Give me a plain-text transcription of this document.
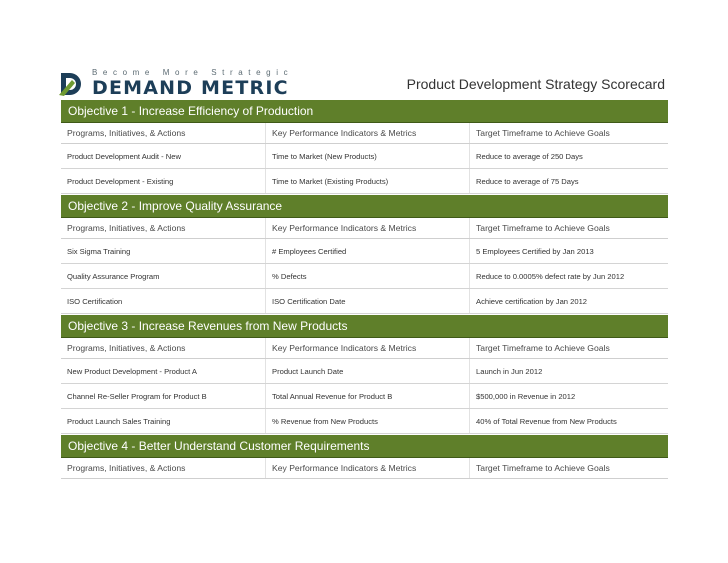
Become More Strategic
DEMAND METRIC	Product Development Strategy Scorecard
Objective 1 - Increase Efficiency of Production
Programs, Initiatives, & Actions	Key Performance Indicators & Metrics	Target Timeframe to Achieve Goals
Product Development Audit - New	Time to Market (New Products)	Reduce to average of 250 Days
Product Development - Existing	Time to Market (Existing Products)	Reduce to average of 75 Days
Objective 2 - Improve Quality Assurance
Programs, Initiatives, & Actions	Key Performance Indicators & Metrics	Target Timeframe to Achieve Goals
Six Sigma Training	# Employees Certified	5 Employees Certified by Jan 2013
Quality Assurance Program	% Defects	Reduce to 0.0005% defect rate by Jun 2012
ISO Certification	ISO Certification Date	Achieve certification by Jan 2012
Objective 3 - Increase Revenues from New Products
Programs, Initiatives, & Actions	Key Performance Indicators & Metrics	Target Timeframe to Achieve Goals
New Product Development - Product A	Product Launch Date	Launch in Jun 2012
Channel Re-Seller Program for Product B	Total Annual Revenue for Product B	$500,000 in Revenue in 2012
Product Launch Sales Training	% Revenue from New Products	40% of Total Revenue from New Products
Objective 4 - Better Understand Customer Requirements
Programs, Initiatives, & Actions	Key Performance Indicators & Metrics	Target Timeframe to Achieve Goals
